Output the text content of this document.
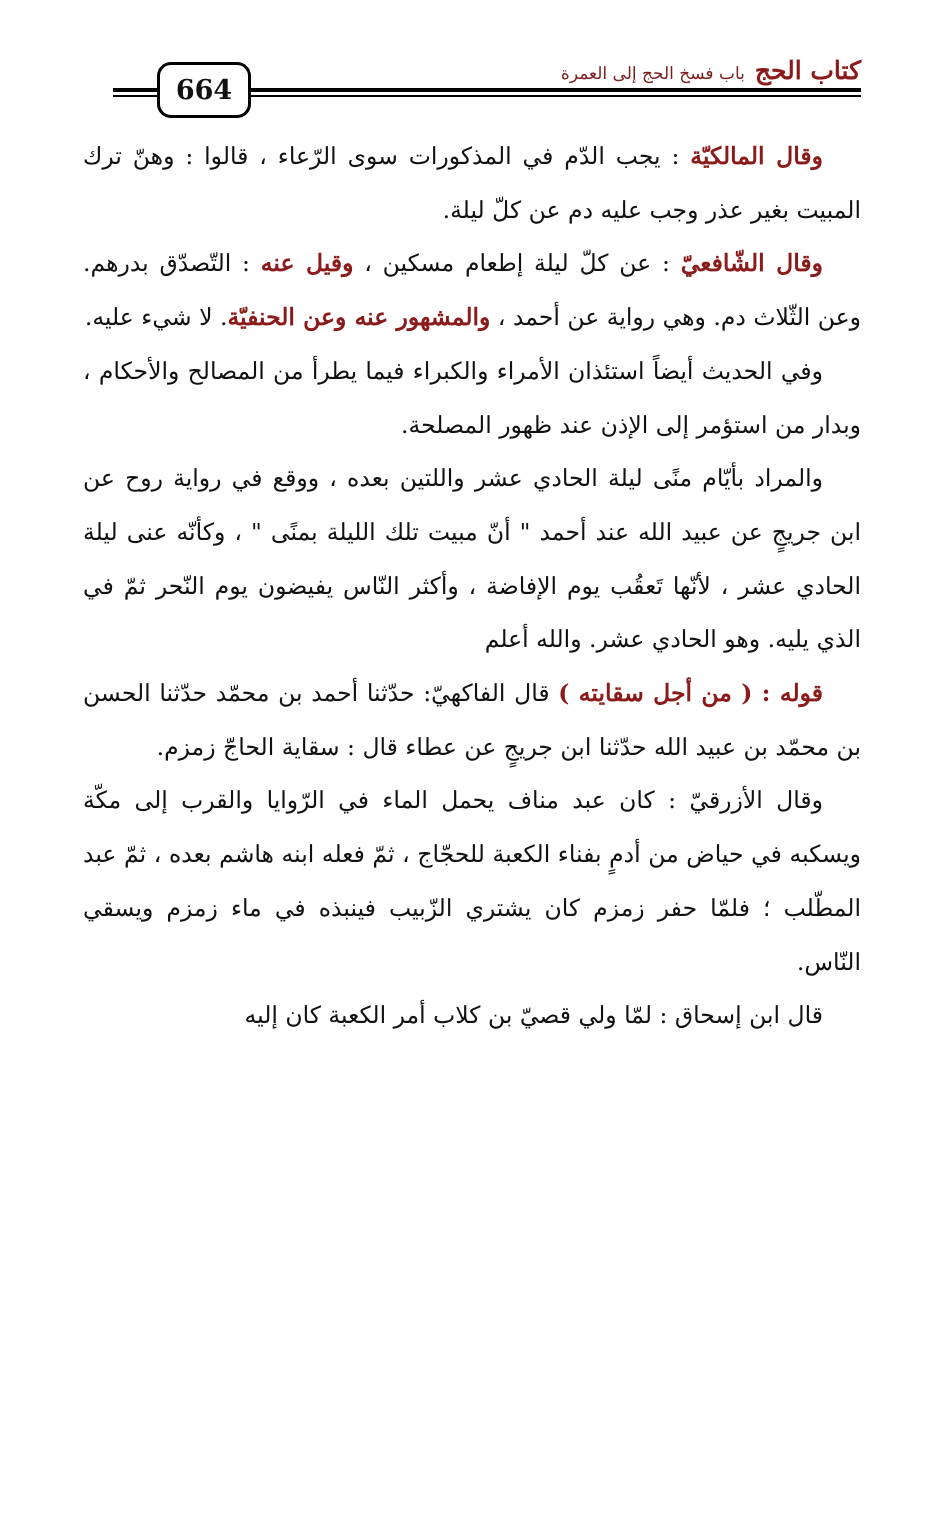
664
كتاب الحج
باب فسخ الحج إلى العمرة

وقال المالكيّة : يجب الدّم في المذكورات سوى الرّعاء ، قالوا : وهنّ ترك المبيت بغير عذر وجب عليه دم عن كلّ ليلة.

وقال الشّافعيّ : عن كلّ ليلة إطعام مسكين ، وقيل عنه : التّصدّق بدرهم. وعن الثّلاث دم. وهي رواية عن أحمد ، والمشهور عنه وعن الحنفيّة. لا شيء عليه.

وفي الحديث أيضاً استئذان الأمراء والكبراء فيما يطرأ من المصالح والأحكام ، وبدار من استؤمر إلى الإذن عند ظهور المصلحة.

والمراد بأيّام منًى ليلة الحادي عشر واللتين بعده ، ووقع في رواية روح عن ابن جريجٍ عن عبيد الله عند أحمد " أنّ مبيت تلك الليلة بمنًى " ، وكأنّه عنى ليلة الحادي عشر ، لأنّها تَعقُب يوم الإفاضة ، وأكثر النّاس يفيضون يوم النّحر ثمّ في الذي يليه. وهو الحادي عشر. والله أعلم

قوله : ( من أجل سقايته ) قال الفاكهيّ: حدّثنا أحمد بن محمّد حدّثنا الحسن بن محمّد بن عبيد الله حدّثنا ابن جريجٍ عن عطاء قال : سقاية الحاجّ زمزم.

وقال الأزرقيّ : كان عبد مناف يحمل الماء في الرّوايا والقرب إلى مكّة ويسكبه في حياض من أدمٍ بفناء الكعبة للحجّاج ، ثمّ فعله ابنه هاشم بعده ، ثمّ عبد المطّلب ؛ فلمّا حفر زمزم كان يشتري الزّبيب فينبذه في ماء زمزم ويسقي النّاس.

قال ابن إسحاق : لمّا ولي قصيّ بن كلاب أمر الكعبة كان إليه
